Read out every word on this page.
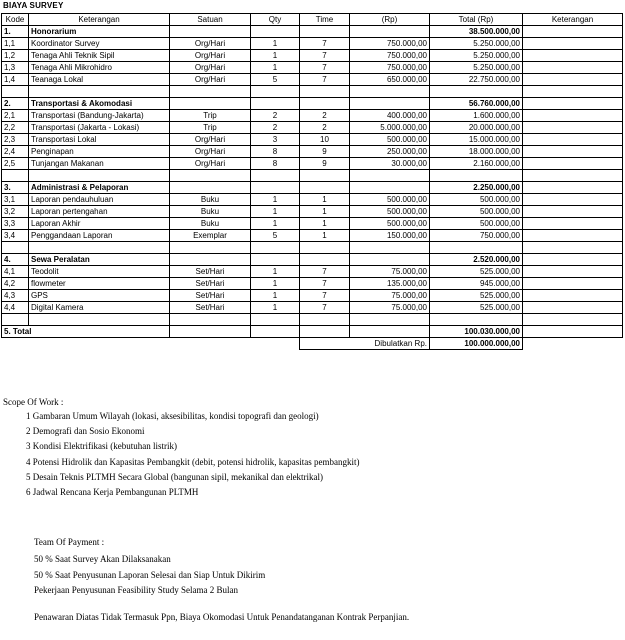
BIAYA SURVEY
Kode	Keterangan	Satuan	Qty	Time	(Rp)	Total (Rp)	Keterangan
1.	Honorarium					38.500.000,00	
1,1	Koordinator Survey	Org/Hari	1	7	750.000,00	5.250.000,00	
1,2	Tenaga Ahli Teknik Sipil	Org/Hari	1	7	750.000,00	5.250.000,00	
1,3	Tenaga Ahli Mikrohidro	Org/Hari	1	7	750.000,00	5.250.000,00	
1,4	Teanaga Lokal	Org/Hari	5	7	650.000,00	22.750.000,00	

2.	Transportasi & Akomodasi					56.760.000,00	
2,1	Transportasi (Bandung-Jakarta)	Trip	2	2	400.000,00	1.600.000,00	
2,2	Transportasi (Jakarta - Lokasi)	Trip	2	2	5.000.000,00	20.000.000,00	
2,3	Transportasi Lokal	Org/Hari	3	10	500.000,00	15.000.000,00	
2,4	Penginapan	Org/Hari	8	9	250.000,00	18.000.000,00	
2,5	Tunjangan Makanan	Org/Hari	8	9	30.000,00	2.160.000,00	

3.	Administrasi & Pelaporan					2.250.000,00	
3,1	Laporan pendauhuluan	Buku	1	1	500.000,00	500.000,00	
3,2	Laporan pertengahan	Buku	1	1	500.000,00	500.000,00	
3,3	Laporan Akhir	Buku	1	1	500.000,00	500.000,00	
3,4	Penggandaan Laporan	Exemplar	5	1	150.000,00	750.000,00	

4.	Sewa Peralatan					2.520.000,00	
4,1	Teodolit	Set/Hari	1	7	75.000,00	525.000,00	
4,2	flowmeter	Set/Hari	1	7	135.000,00	945.000,00	
4,3	GPS	Set/Hari	1	7	75.000,00	525.000,00	
4,4	Digital Kamera	Set/Hari	1	7	75.000,00	525.000,00	

5. Total						100.030.000,00	
				Dibulatkan Rp.		100.000.000,00	
Scope Of Work :
1 Gambaran Umum Wilayah (lokasi, aksesibilitas, kondisi topografi dan geologi)
2 Demografi dan Sosio Ekonomi
3 Kondisi Elektrifikasi (kebutuhan listrik)
4 Potensi Hidrolik dan Kapasitas Pembangkit (debit, potensi hidrolik, kapasitas pembangkit)
5 Desain Teknis PLTMH Secara Global (bangunan sipil, mekanikal dan elektrikal)
6 Jadwal Rencana Kerja Pembangunan PLTMH
Team Of Payment :
50 % Saat Survey Akan Dilaksanakan
50 % Saat Penyusunan Laporan Selesai dan Siap Untuk Dikirim
Pekerjaan Penyusunan Feasibility Study Selama 2 Bulan
Penawaran Diatas Tidak Termasuk Ppn, Biaya Okomodasi Untuk Penandatanganan Kontrak Perpanjian.
